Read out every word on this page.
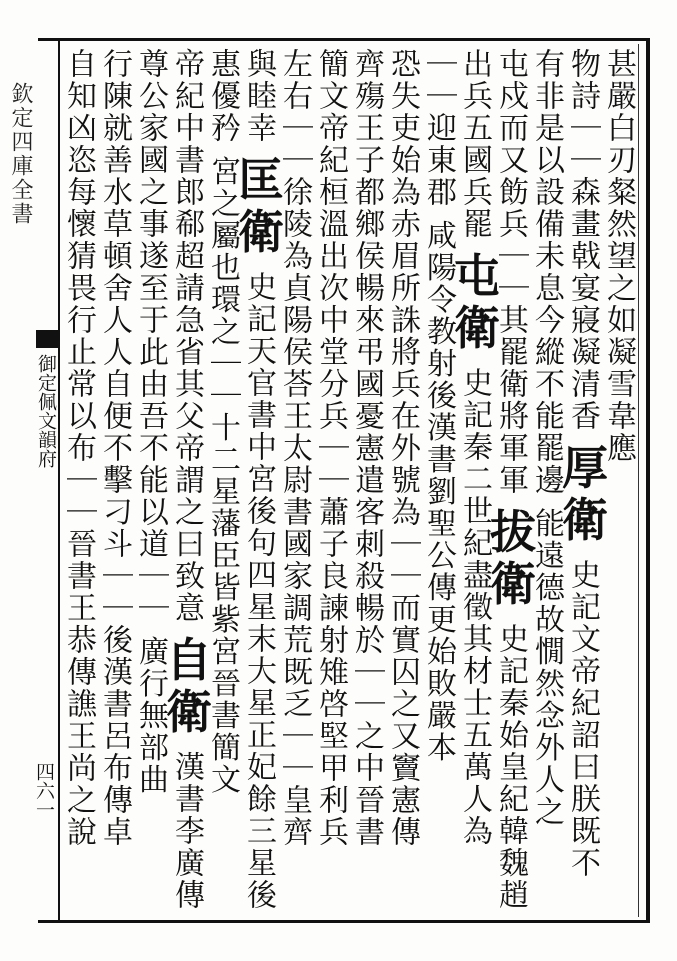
欽定四庫全書
御定佩文韻府
四六一
甚嚴白刃粲然望之如凝雪韋應
物詩｜｜森畫戟宴寢凝清香 厚衛 史記文帝紀詔曰朕既不
有非是以設備未息今縱不能罷邊 能遠德故憪然念外人之
屯戍而又飭兵｜｜其罷衛將軍軍 拔衛 史記秦始皇紀韓魏趙
出兵五國兵罷 屯衛 史記秦二世紀盡徵其材士五萬人為
｜｜迎東郡 咸陽令教射後漢書劉聖公傳更始敗嚴本
恐失吏始為赤眉所誅將兵在外號為｜｜而實囚之又竇憲傳
齊殤王子都鄉侯暢來弔國憂憲遣客刺殺暢於｜｜之中晉書
簡文帝紀桓溫出次中堂分兵｜｜蕭子良諫射雉啓堅甲利兵
左右｜｜徐陵為貞陽侯荅王太尉書國家調荒既乏｜｜皇齊
與睦幸 匡衛 史記天官書中宮後句四星末大星正妃餘三星後
惠優矜 宮之屬也環之｜｜十二星藩臣皆紫宮晉書簡文
帝紀中書郎郗超請急省其父帝謂之曰致意 自衛 漢書李廣傳
尊公家國之事遂至于此由吾不能以道｜｜ 廣行無部曲
行陳就善水草頓舍人人自便不擊刁斗｜｜後漢書呂布傳卓
自知凶恣每懷猜畏行止常以布｜｜晉書王恭傳譙王尚之說
